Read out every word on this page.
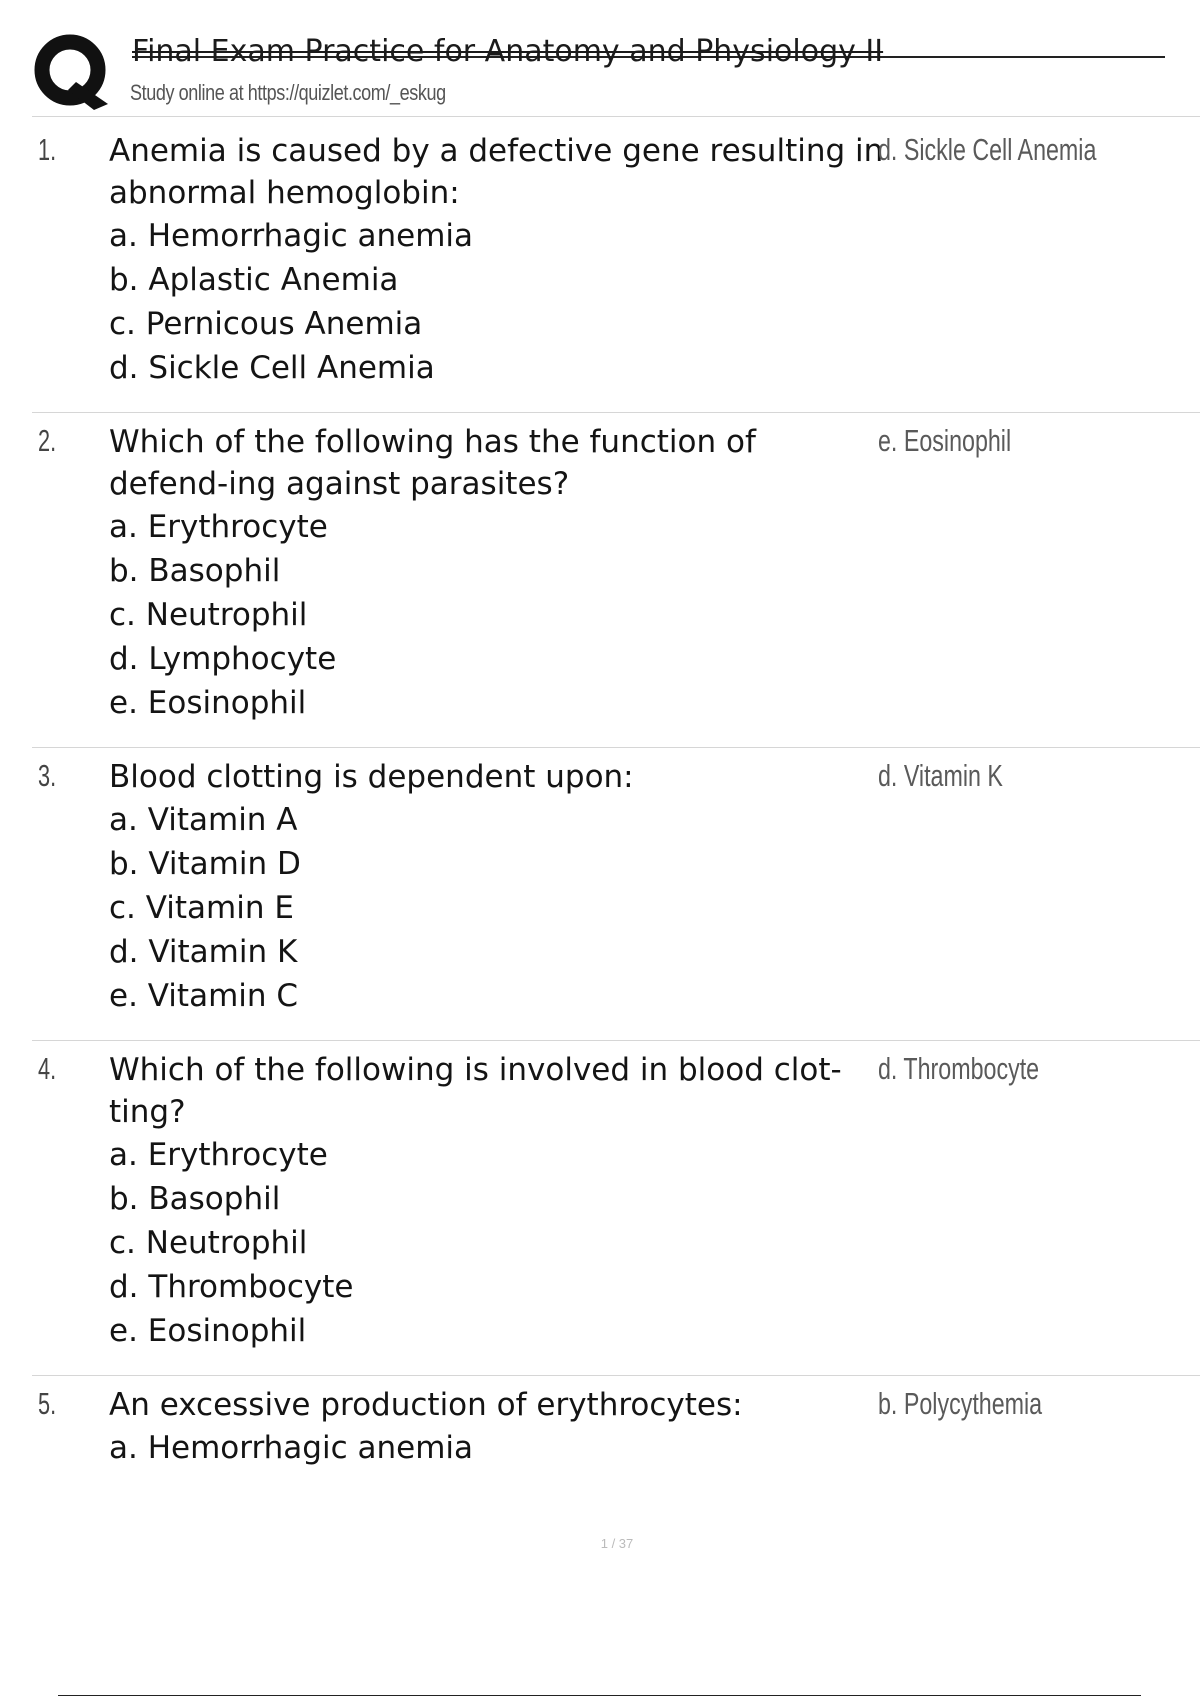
Final Exam Practice for Anatomy and Physiology II
Study online at https://quizlet.com/_eskug
1. Anemia is caused by a defective gene resulting in abnormal hemoglobin:
a. Hemorrhagic anemia
b. Aplastic Anemia
c. Pernicous Anemia
d. Sickle Cell Anemia
d. Sickle Cell Anemia
2. Which of the following has the function of defend-ing against parasites?
a. Erythrocyte
b. Basophil
c. Neutrophil
d. Lymphocyte
e. Eosinophil
e. Eosinophil
3. Blood clotting is dependent upon:
a. Vitamin A
b. Vitamin D
c. Vitamin E
d. Vitamin K
e. Vitamin C
d. Vitamin K
4. Which of the following is involved in blood clot-ting?
a. Erythrocyte
b. Basophil
c. Neutrophil
d. Thrombocyte
e. Eosinophil
d. Thrombocyte
5. An excessive production of erythrocytes:
a. Hemorrhagic anemia
b. Polycythemia
1 / 37
